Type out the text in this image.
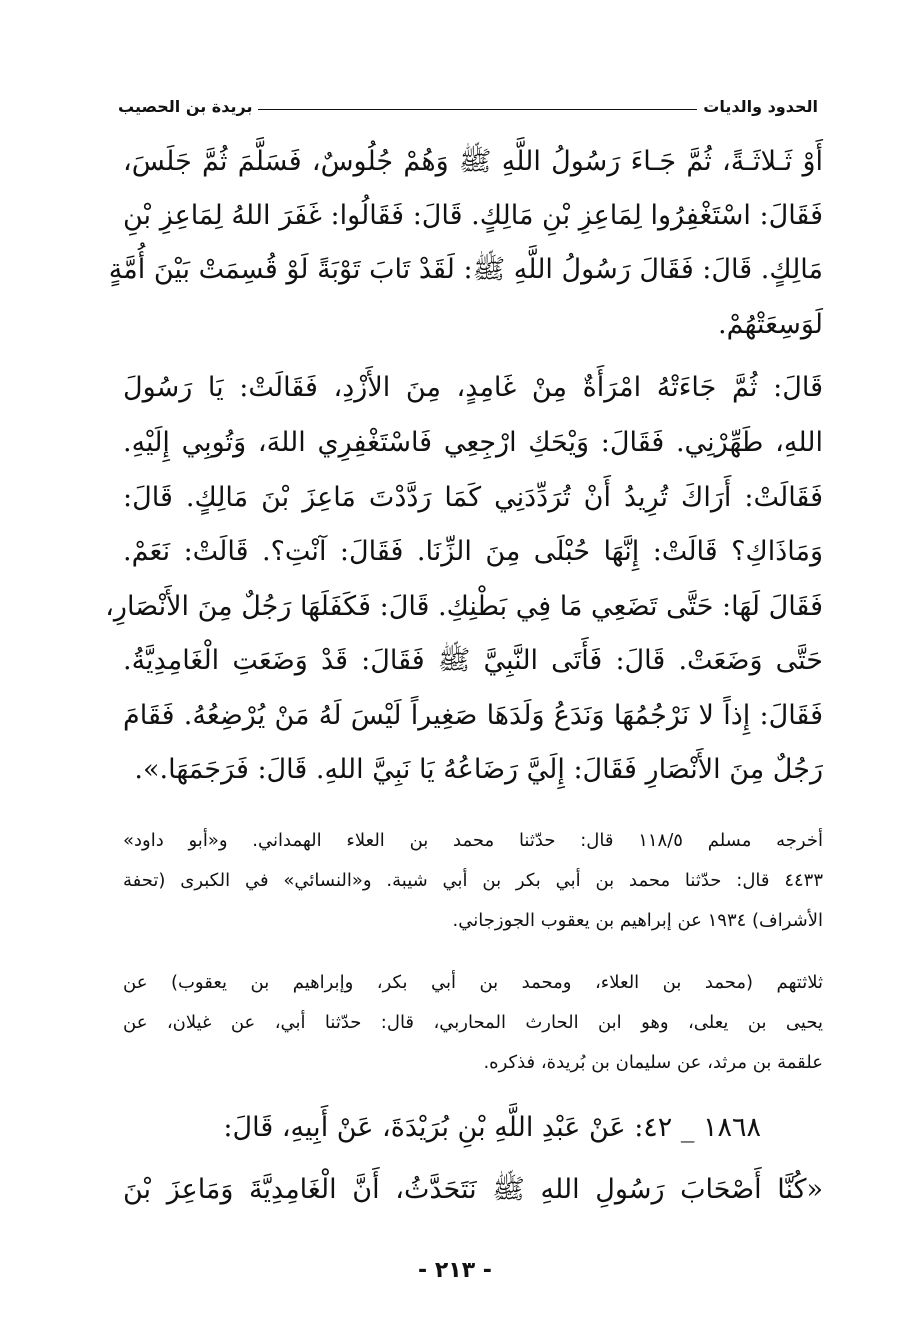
الحدود والديات
بريدة بن الحصيب
أَوْ ثَـلاثَـةً، ثُمَّ جَـاءَ رَسُولُ اللَّهِ ﷺ وَهُمْ جُلُوسٌ، فَسَلَّمَ ثُمَّ جَلَسَ،
فَقَالَ: اسْتَغْفِرُوا لِمَاعِزِ بْنِ مَالِكٍ. قَالَ: فَقَالُوا: غَفَرَ اللهُ لِمَاعِزِ بْنِ
مَالِكٍ. قَالَ: فَقَالَ رَسُولُ اللَّهِ ﷺ: لَقَدْ تَابَ تَوْبَةً لَوْ قُسِمَتْ بَيْنَ أُمَّةٍ
لَوَسِعَتْهُمْ.
قَالَ: ثُمَّ جَاءَتْهُ امْرَأَةٌ مِنْ غَامِدٍ، مِنَ الأَزْدِ، فَقَالَتْ: يَا رَسُولَ
اللهِ، طَهِّرْنِي. فَقَالَ: وَيْحَكِ ارْجِعِي فَاسْتَغْفِرِي اللهَ، وَتُوبِي إِلَيْهِ.
فَقَالَتْ: أَرَاكَ تُرِيدُ أَنْ تُرَدِّدَنِي كَمَا رَدَّدْتَ مَاعِزَ بْنَ مَالِكٍ. قَالَ:
وَمَاذَاكِ؟ قَالَتْ: إِنَّهَا حُبْلَى مِنَ الزِّنَا. فَقَالَ: آنْتِ؟. قَالَتْ: نَعَمْ.
فَقَالَ لَهَا: حَتَّى تَضَعِي مَا فِي بَطْنِكِ. قَالَ: فَكَفَلَهَا رَجُلٌ مِنَ الأَنْصَارِ،
حَتَّى وَضَعَتْ. قَالَ: فَأَتَى النَّبِيَّ ﷺ فَقَالَ: قَدْ وَضَعَتِ الْغَامِدِيَّةُ.
فَقَالَ: إِذاً لا نَرْجُمُهَا وَنَدَعُ وَلَدَهَا صَغِيراً لَيْسَ لَهُ مَنْ يُرْضِعُهُ. فَقَامَ
رَجُلٌ مِنَ الأَنْصَارِ فَقَالَ: إِلَيَّ رَضَاعُهُ يَا نَبِيَّ اللهِ. قَالَ: فَرَجَمَهَا.».
أخرجه مسلم ١١٨/٥ قال: حدّثنا محمد بن العلاء الهمداني. و«أبو داود»
٤٤٣٣ قال: حدّثنا محمد بن أبي بكر بن أبي شيبة. و«النسائي» في الكبرى (تحفة
الأشراف) ١٩٣٤ عن إبراهيم بن يعقوب الجوزجاني.
ثلاثتهم (محمد بن العلاء، ومحمد بن أبي بكر، وإبراهيم بن يعقوب) عن
يحيى بن يعلى، وهو ابن الحارث المحاربي، قال: حدّثنا أبي، عن غيلان، عن
علقمة بن مرثد، عن سليمان بن بُريدة، فذكره.
١٨٦٨ _ ٤٢: عَنْ عَبْدِ اللَّهِ بْنِ بُرَيْدَةَ، عَنْ أَبِيهِ، قَالَ:
«كُنَّا أَصْحَابَ رَسُولِ اللهِ ﷺ نَتَحَدَّثُ، أَنَّ الْغَامِدِيَّةَ وَمَاعِزَ بْنَ
- ٢١٣ -
